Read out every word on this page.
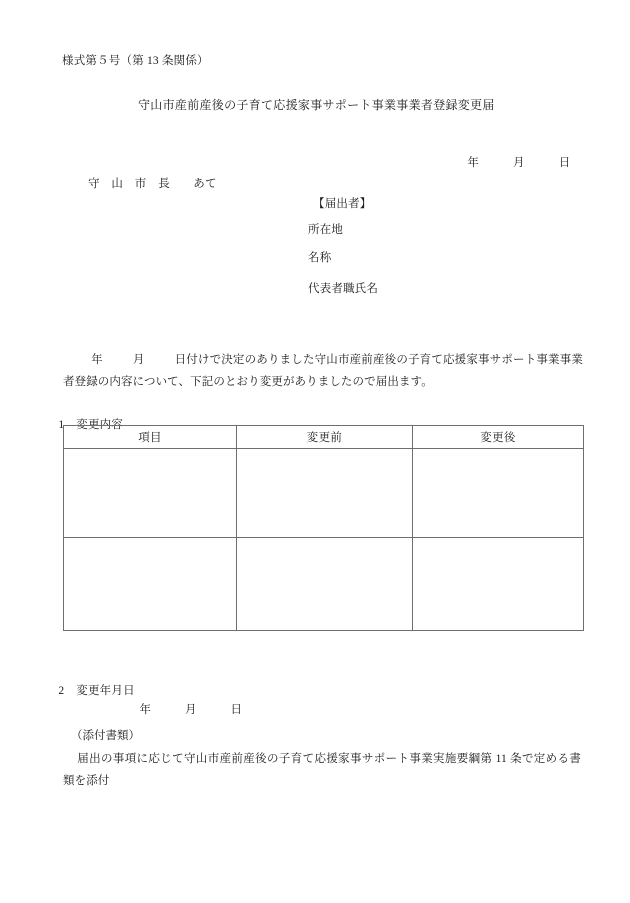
様式第５号（第 13 条関係）
守山市産前産後の子育て応援家事サポート事業事業者登録変更届

年	月	日

守　山　市　長　　あて
【届出者】
所在地
名称
代表者職氏名
年	月	日付けで決定のありました守山市産前産後の子育て応援家事サポート事業事業者登録の内容について、下記のとおり変更がありましたので届出ます。

1 変更内容

項目	変更前	変更後

2 変更年月日

年	月	日

（添付書類）
届出の事項に応じて守山市産前産後の子育て応援家事サポート事業実施要綱第 11 条で定める書類を添付
